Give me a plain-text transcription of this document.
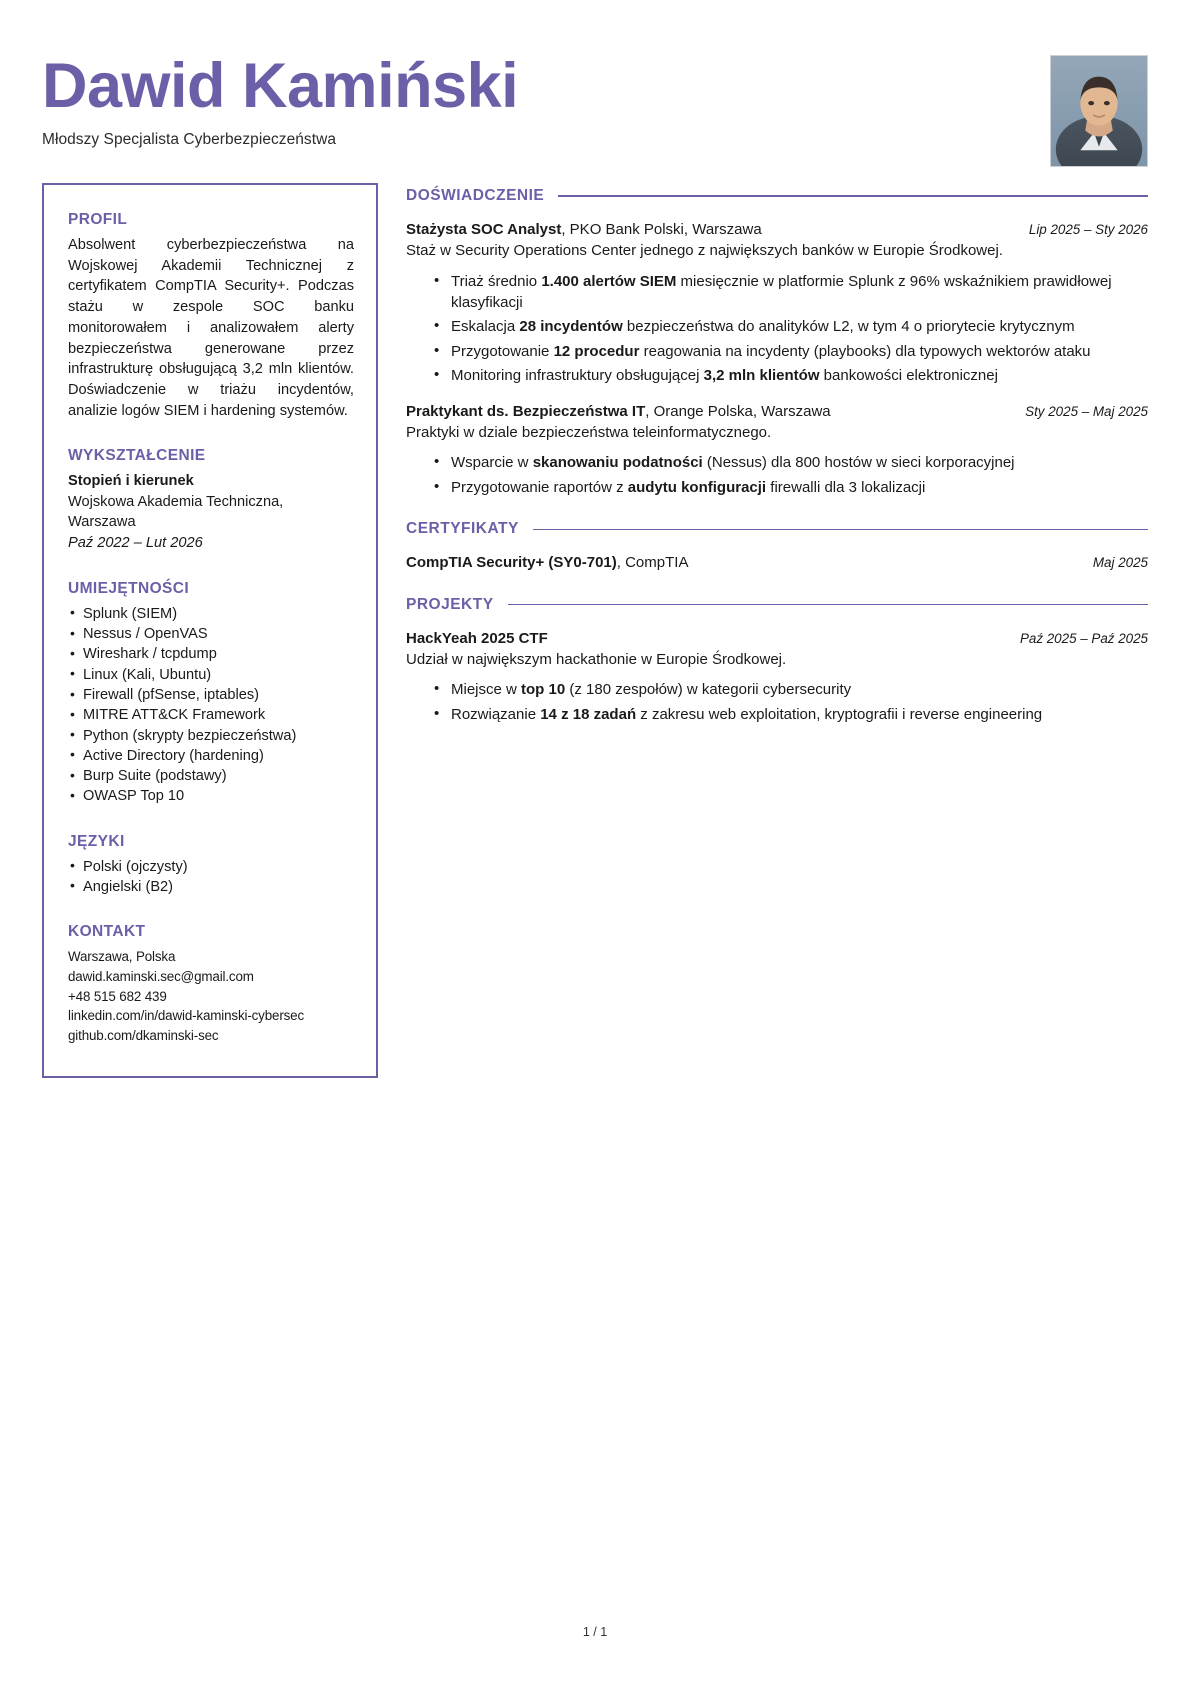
Dawid Kamiński
Młodszy Specjalista Cyberbezpieczeństwa
PROFIL

Absolwent cyberbezpieczeństwa na Wojskowej Akademii Technicznej z certyfikatem CompTIA Security+. Podczas stażu w zespole SOC banku monitorowałem i analizowałem alerty bezpieczeństwa generowane przez infrastrukturę obsługującą 3,2 mln klientów. Doświadczenie w triażu incydentów, analizie logów SIEM i hardening systemów.

WYKSZTAŁCENIE

Stopień i kierunek

Wojskowa Akademia Techniczna, Warszawa

Paź 2022 – Lut 2026

UMIEJĘTNOŚCI
• Splunk (SIEM)
• Nessus / OpenVAS
• Wireshark / tcpdump
• Linux (Kali, Ubuntu)
• Firewall (pfSense, iptables)
• MITRE ATT&CK Framework
• Python (skrypty bezpieczeństwa)
• Active Directory (hardening)
• Burp Suite (podstawy)
• OWASP Top 10
JĘZYKI
• Polski (ojczysty)
• Angielski (B2)
KONTAKT

Warszawa, Polska

dawid.kaminski.sec@gmail.com

+48 515 682 439

linkedin.com/in/dawid-kaminski-cybersec

github.com/dkaminski-sec

DOŚWIADCZENIE
Stażysta SOC Analyst, PKO Bank Polski, Warszawa	Lip 2025 – Sty 2026

Staż w Security Operations Center jednego z największych banków w Europie Środkowej.

• Triaż średnio 1.400 alertów SIEM miesięcznie w platformie Splunk z 96% wskaźnikiem prawidłowej klasyfikacji
• Eskalacja 28 incydentów bezpieczeństwa do analityków L2, w tym 4 o priorytecie krytycznym
• Przygotowanie 12 procedur reagowania na incydenty (playbooks) dla typowych wektorów ataku
• Monitoring infrastruktury obsługującej 3,2 mln klientów bankowości elektronicznej
Praktykant ds. Bezpieczeństwa IT, Orange Polska, Warszawa	Sty 2025 – Maj 2025

Praktyki w dziale bezpieczeństwa teleinformatycznego.

• Wsparcie w skanowaniu podatności (Nessus) dla 800 hostów w sieci korporacyjnej
• Przygotowanie raportów z audytu konfiguracji firewalli dla 3 lokalizacji
CERTYFIKATY
CompTIA Security+ (SY0-701), CompTIA	Maj 2025
PROJEKTY
HackYeah 2025 CTF	Paź 2025 – Paź 2025

Udział w największym hackathonie w Europie Środkowej.

• Miejsce w top 10 (z 180 zespołów) w kategorii cybersecurity
• Rozwiązanie 14 z 18 zadań z zakresu web exploitation, kryptografii i reverse engineering
1 / 1
